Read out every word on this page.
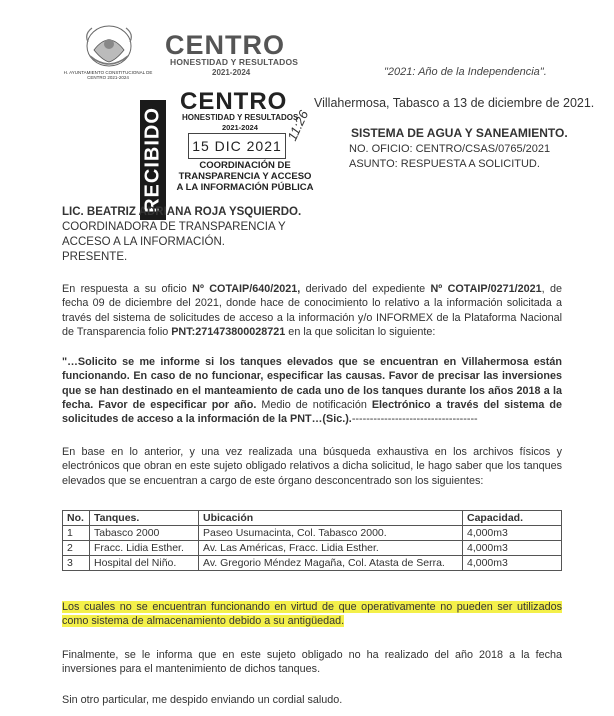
H. AYUNTAMIENTO CONSTITUCIONAL DE CENTRO 2021-2024
CENTRO
HONESTIDAD Y RESULTADOS
2021-2024	"2021: Año de la Independencia".
RECIBIDO
CENTRO
HONESTIDAD Y RESULTADOS
2021-2024
15 DIC 2021
COORDINACIÓN DE
TRANSPARENCIA Y ACCESO
A LA INFORMACIÓN PÚBLICA
11:26
Villahermosa, Tabasco a 13 de diciembre de 2021.
SISTEMA DE AGUA Y SANEAMIENTO.
NO. OFICIO: CENTRO/CSAS/0765/2021
ASUNTO: RESPUESTA A SOLICITUD.
LIC. BEATRIZ ADRIANA ROJA YSQUIERDO.
COORDINADORA DE TRANSPARENCIA Y
ACCESO A LA INFORMACIÓN.
PRESENTE.
En respuesta a su oficio Nº COTAIP/640/2021, derivado del expediente Nº COTAIP/0271/2021, de fecha 09 de diciembre del 2021, donde hace de conocimiento lo relativo a la información solicitada a través del sistema de solicitudes de acceso a la información y/o INFORMEX de la Plataforma Nacional de Transparencia folio PNT:271473800028721 en la que solicitan lo siguiente:
"…Solicito se me informe si los tanques elevados que se encuentran en Villahermosa están funcionando. En caso de no funcionar, especificar las causas. Favor de precisar las inversiones que se han destinado en el manteamiento de cada uno de los tanques durante los años 2018 a la fecha. Favor de especificar por año. Medio de notificación Electrónico a través del sistema de solicitudes de acceso a la información de la PNT…(Sic.).-----------------------------------
En base en lo anterior, y una vez realizada una búsqueda exhaustiva en los archivos físicos y electrónicos que obran en este sujeto obligado relativos a dicha solicitud, le hago saber que los tanques elevados que se encuentran a cargo de este órgano desconcentrado son los siguientes:
No.	Tanques.	Ubicación	Capacidad.
1	Tabasco 2000	Paseo Usumacinta, Col. Tabasco 2000.	4,000m3
2	Fracc. Lidia Esther.	Av. Las Américas, Fracc. Lidia Esther.	4,000m3
3	Hospital del Niño.	Av. Gregorio Méndez Magaña, Col. Atasta de Serra.	4,000m3
Los cuales no se encuentran funcionando en virtud de que operativamente no pueden ser utilizados como sistema de almacenamiento debido a su antigüedad.
Finalmente, se le informa que en este sujeto obligado no ha realizado del año 2018 a la fecha inversiones para el mantenimiento de dichos tanques.
Sin otro particular, me despido enviando un cordial saludo.
